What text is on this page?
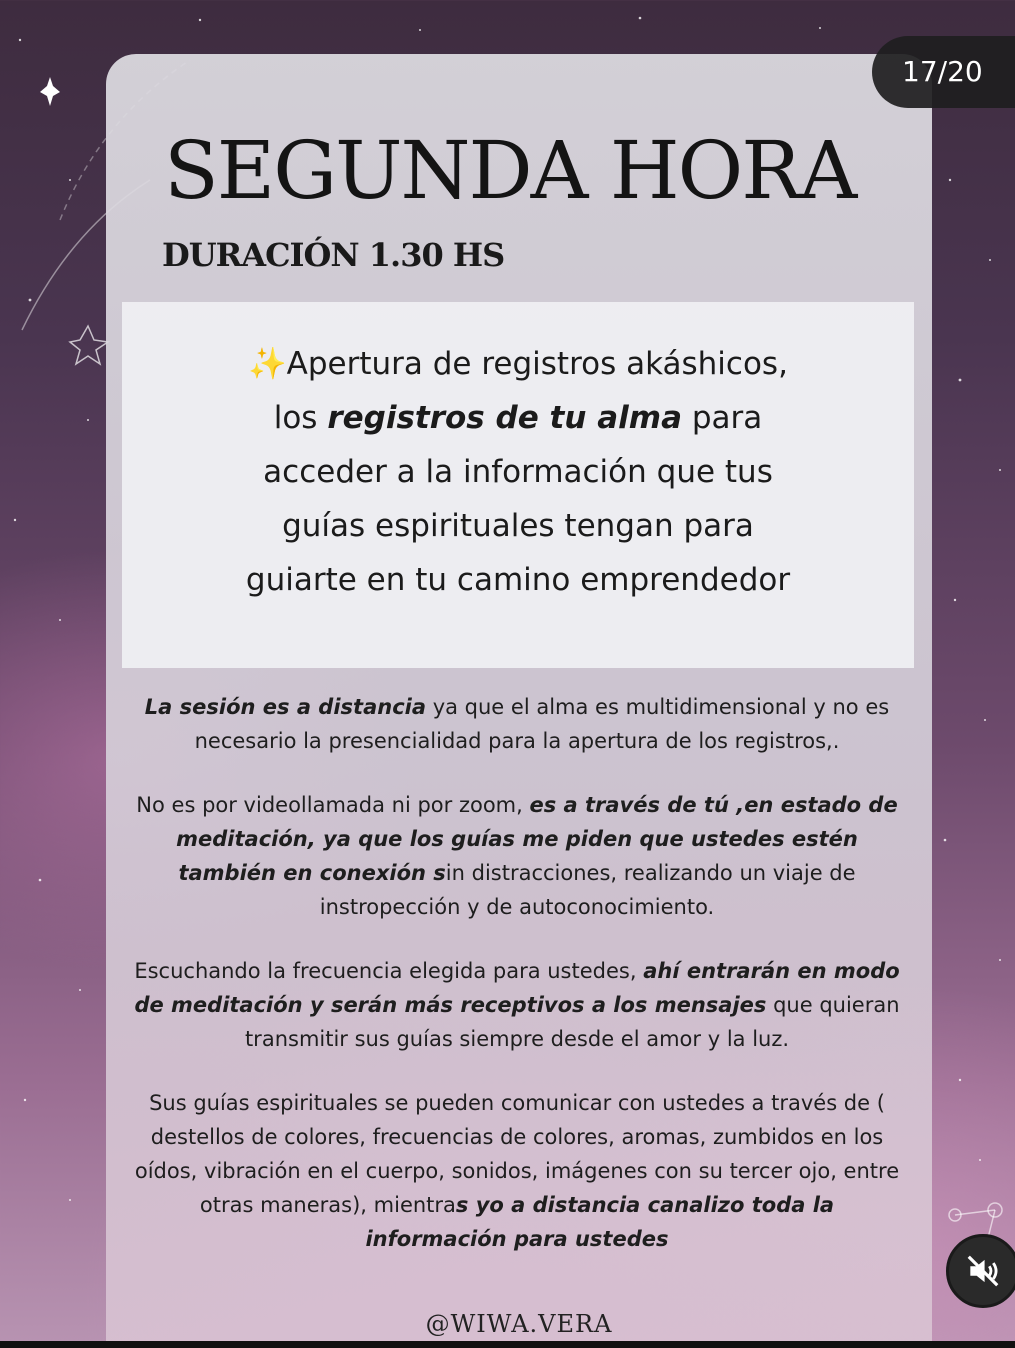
SEGUNDA HORA
DURACIÓN 1.30 HS

✨Apertura de registros akáshicos,
los registros de tu alma para
acceder a la información que tus
guías espirituales tengan para
guiarte en tu camino emprendedor

La sesión es a distancia ya que el alma es multidimensional y no es necesario la presencialidad para la apertura de los registros,.

No es por videollamada ni por zoom, es a través de tú ,en estado de meditación, ya que los guías me piden que ustedes estén también en conexión sin distracciones, realizando un viaje de instropección y de autoconocimiento.

Escuchando la frecuencia elegida para ustedes, ahí entrarán en modo de meditación y serán más receptivos a los mensajes que quieran transmitir sus guías siempre desde el amor y la luz.

Sus guías espirituales se pueden comunicar con ustedes a través de ( destellos de colores, frecuencias de colores, aromas, zumbidos en los oídos, vibración en el cuerpo, sonidos, imágenes con su tercer ojo, entre otras maneras), mientras yo a distancia canalizo toda la información para ustedes

@WIWA.VERA
17/20
